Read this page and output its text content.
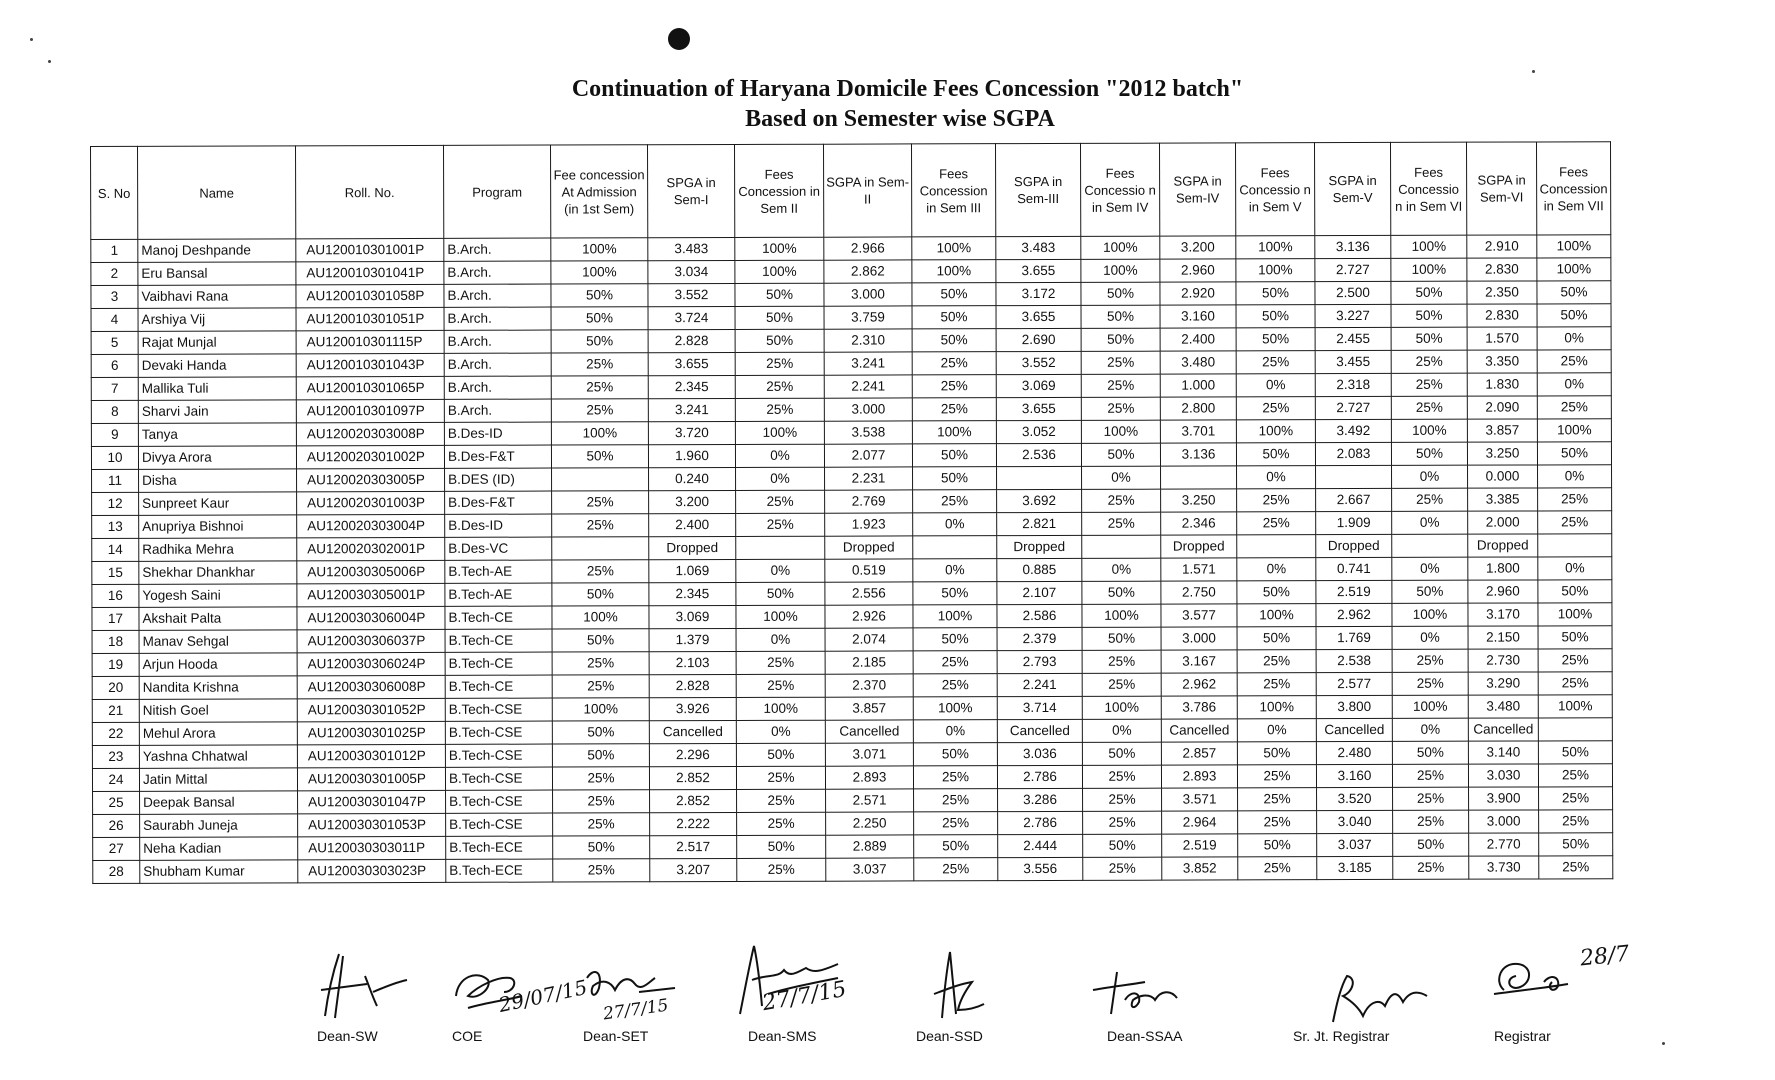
Continuation of Haryana Domicile Fees Concession "2012 batch"
Based on Semester wise SGPA
S. No	Name	Roll. No.	Program	Fee concession At Admission (in 1st Sem)	SPGA in Sem-I	Fees Concession in Sem II	SGPA in Sem-II	Fees Concession in Sem III	SGPA in Sem-III	Fees Concessio n in Sem IV	SGPA in Sem-IV	Fees Concessio n in Sem V	SGPA in Sem-V	Fees Concessio n in Sem VI	SGPA in Sem-VI	Fees Concession in Sem VII
1	Manoj Deshpande	AU120010301001P	B.Arch.	100%	3.483	100%	2.966	100%	3.483	100%	3.200	100%	3.136	100%	2.910	100%
2	Eru Bansal	AU120010301041P	B.Arch.	100%	3.034	100%	2.862	100%	3.655	100%	2.960	100%	2.727	100%	2.830	100%
3	Vaibhavi Rana	AU120010301058P	B.Arch.	50%	3.552	50%	3.000	50%	3.172	50%	2.920	50%	2.500	50%	2.350	50%
4	Arshiya Vij	AU120010301051P	B.Arch.	50%	3.724	50%	3.759	50%	3.655	50%	3.160	50%	3.227	50%	2.830	50%
5	Rajat Munjal	AU120010301115P	B.Arch.	50%	2.828	50%	2.310	50%	2.690	50%	2.400	50%	2.455	50%	1.570	0%
6	Devaki Handa	AU120010301043P	B.Arch.	25%	3.655	25%	3.241	25%	3.552	25%	3.480	25%	3.455	25%	3.350	25%
7	Mallika Tuli	AU120010301065P	B.Arch.	25%	2.345	25%	2.241	25%	3.069	25%	1.000	0%	2.318	25%	1.830	0%
8	Sharvi Jain	AU120010301097P	B.Arch.	25%	3.241	25%	3.000	25%	3.655	25%	2.800	25%	2.727	25%	2.090	25%
9	Tanya	AU120020303008P	B.Des-ID	100%	3.720	100%	3.538	100%	3.052	100%	3.701	100%	3.492	100%	3.857	100%
10	Divya Arora	AU120020301002P	B.Des-F&T	50%	1.960	0%	2.077	50%	2.536	50%	3.136	50%	2.083	50%	3.250	50%
11	Disha	AU120020303005P	B.DES (ID)		0.240	0%	2.231	50%		0%		0%		0%	0.000	0%
12	Sunpreet Kaur	AU120020301003P	B.Des-F&T	25%	3.200	25%	2.769	25%	3.692	25%	3.250	25%	2.667	25%	3.385	25%
13	Anupriya Bishnoi	AU120020303004P	B.Des-ID	25%	2.400	25%	1.923	0%	2.821	25%	2.346	25%	1.909	0%	2.000	25%
14	Radhika Mehra	AU120020302001P	B.Des-VC		Dropped		Dropped		Dropped		Dropped		Dropped		Dropped	
15	Shekhar Dhankhar	AU120030305006P	B.Tech-AE	25%	1.069	0%	0.519	0%	0.885	0%	1.571	0%	0.741	0%	1.800	0%
16	Yogesh Saini	AU120030305001P	B.Tech-AE	50%	2.345	50%	2.556	50%	2.107	50%	2.750	50%	2.519	50%	2.960	50%
17	Akshait Palta	AU120030306004P	B.Tech-CE	100%	3.069	100%	2.926	100%	2.586	100%	3.577	100%	2.962	100%	3.170	100%
18	Manav Sehgal	AU120030306037P	B.Tech-CE	50%	1.379	0%	2.074	50%	2.379	50%	3.000	50%	1.769	0%	2.150	50%
19	Arjun Hooda	AU120030306024P	B.Tech-CE	25%	2.103	25%	2.185	25%	2.793	25%	3.167	25%	2.538	25%	2.730	25%
20	Nandita Krishna	AU120030306008P	B.Tech-CE	25%	2.828	25%	2.370	25%	2.241	25%	2.962	25%	2.577	25%	3.290	25%
21	Nitish Goel	AU120030301052P	B.Tech-CSE	100%	3.926	100%	3.857	100%	3.714	100%	3.786	100%	3.800	100%	3.480	100%
22	Mehul Arora	AU120030301025P	B.Tech-CSE	50%	Cancelled	0%	Cancelled	0%	Cancelled	0%	Cancelled	0%	Cancelled	0%	Cancelled	
23	Yashna Chhatwal	AU120030301012P	B.Tech-CSE	50%	2.296	50%	3.071	50%	3.036	50%	2.857	50%	2.480	50%	3.140	50%
24	Jatin Mittal	AU120030301005P	B.Tech-CSE	25%	2.852	25%	2.893	25%	2.786	25%	2.893	25%	3.160	25%	3.030	25%
25	Deepak Bansal	AU120030301047P	B.Tech-CSE	25%	2.852	25%	2.571	25%	3.286	25%	3.571	25%	3.520	25%	3.900	25%
26	Saurabh Juneja	AU120030301053P	B.Tech-CSE	25%	2.222	25%	2.250	25%	2.786	25%	2.964	25%	3.040	25%	3.000	25%
27	Neha Kadian	AU120030303011P	B.Tech-ECE	50%	2.517	50%	2.889	50%	2.444	50%	2.519	50%	3.037	50%	2.770	50%
28	Shubham Kumar	AU120030303023P	B.Tech-ECE	25%	3.207	25%	3.037	25%	3.556	25%	3.852	25%	3.185	25%	3.730	25%
Dean-SW
29/07/15
COE
27/7/15
Dean-SET
27/7/15
Dean-SMS	Dean-SSD	Dean-SSAA	Sr. Jt. Registrar
28/7
Registrar
